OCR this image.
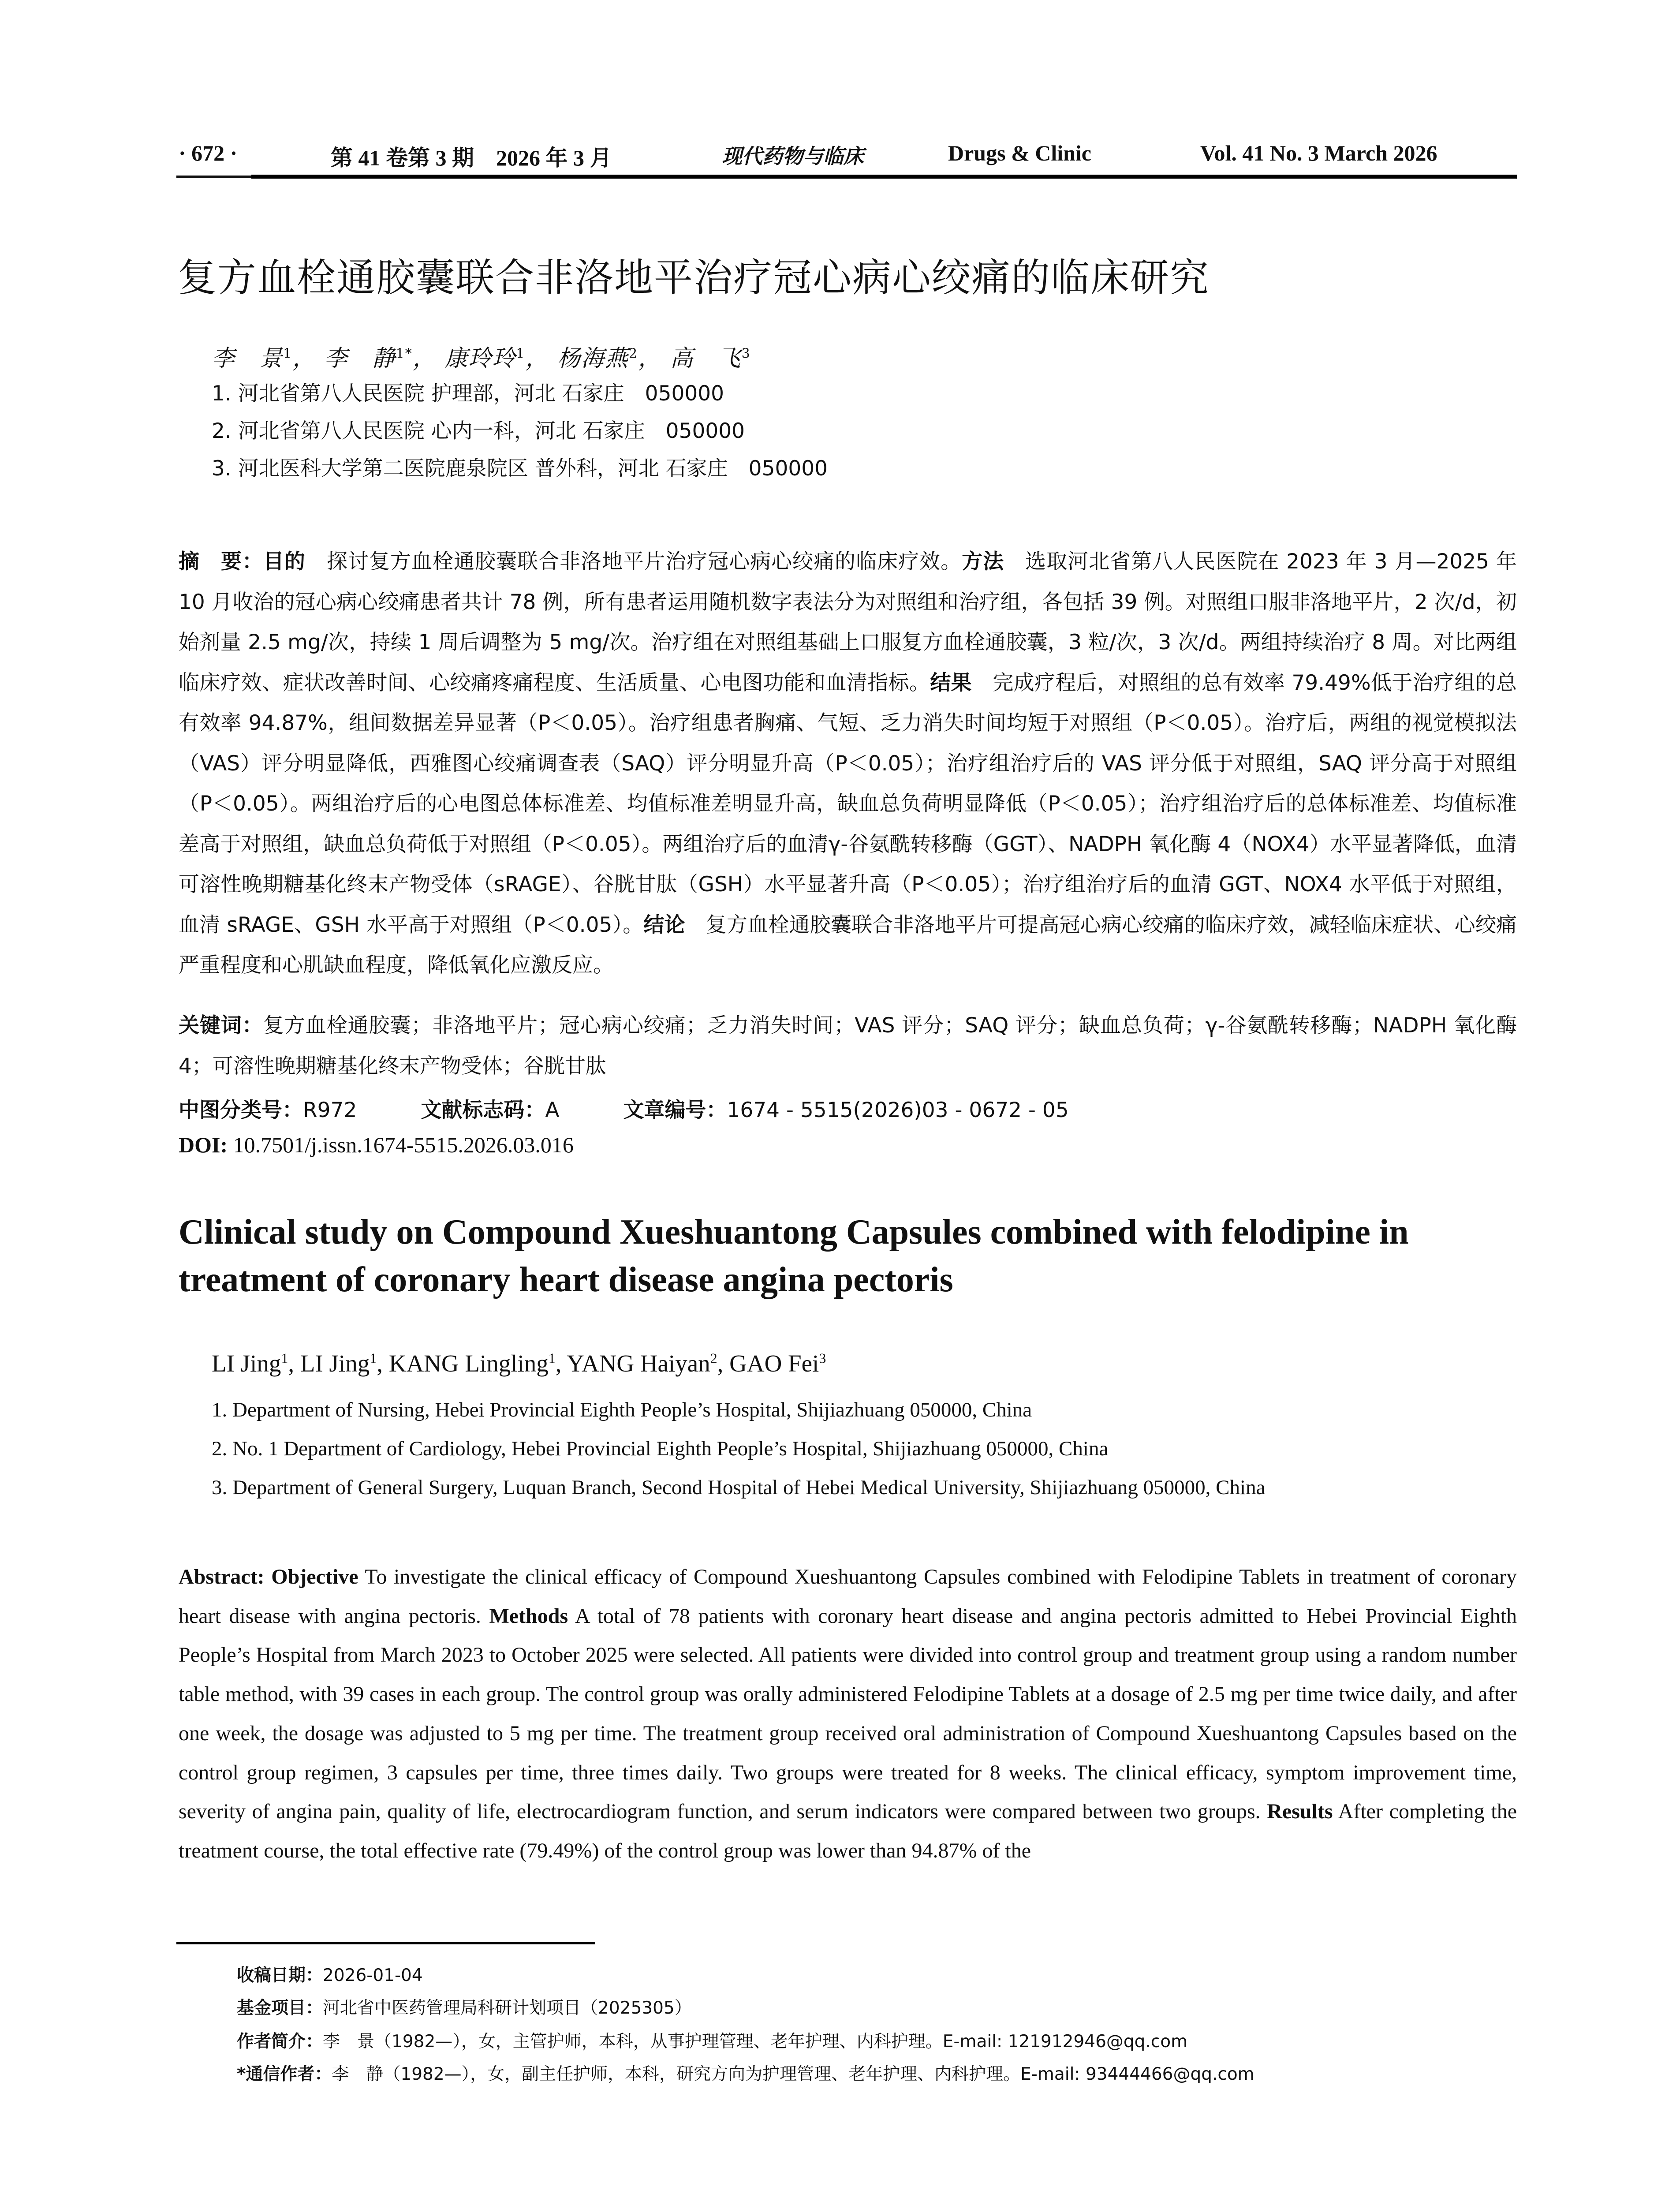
· 672 ·	第 41 卷第 3 期　2026 年 3 月	现代药物与临床	Drugs & Clinic	Vol. 41 No. 3 March 2026
复方血栓通胶囊联合非洛地平治疗冠心病心绞痛的临床研究
李　景$^1$， 李　静$^{1*}$， 康玲玲$^1$， 杨海燕$^2$， 高　飞$^3$
1. 河北省第八人民医院 护理部，河北 石家庄　050000
2. 河北省第八人民医院 心内一科，河北 石家庄　050000
3. 河北医科大学第二医院鹿泉院区 普外科，河北 石家庄　050000
摘　要：目的　探讨复方血栓通胶囊联合非洛地平片治疗冠心病心绞痛的临床疗效。方法　选取河北省第八人民医院在 2023 年 3 月—2025 年 10 月收治的冠心病心绞痛患者共计 78 例，所有患者运用随机数字表法分为对照组和治疗组，各包括 39 例。对照组口服非洛地平片，2 次/d，初始剂量 2.5 mg/次，持续 1 周后调整为 5 mg/次。治疗组在对照组基础上口服复方血栓通胶囊，3 粒/次，3 次/d。两组持续治疗 8 周。对比两组临床疗效、症状改善时间、心绞痛疼痛程度、生活质量、心电图功能和血清指标。结果　完成疗程后，对照组的总有效率 79.49%低于治疗组的总有效率 94.87%，组间数据差异显著（P＜0.05）。治疗组患者胸痛、气短、乏力消失时间均短于对照组（P＜0.05）。治疗后，两组的视觉模拟法（VAS）评分明显降低，西雅图心绞痛调查表（SAQ）评分明显升高（P＜0.05）；治疗组治疗后的 VAS 评分低于对照组，SAQ 评分高于对照组（P＜0.05）。两组治疗后的心电图总体标准差、均值标准差明显升高，缺血总负荷明显降低（P＜0.05）；治疗组治疗后的总体标准差、均值标准差高于对照组，缺血总负荷低于对照组（P＜0.05）。两组治疗后的血清γ-谷氨酰转移酶（GGT）、NADPH 氧化酶 4（NOX4）水平显著降低，血清可溶性晚期糖基化终末产物受体（sRAGE）、谷胱甘肽（GSH）水平显著升高（P＜0.05）；治疗组治疗后的血清 GGT、NOX4 水平低于对照组，血清 sRAGE、GSH 水平高于对照组（P＜0.05）。结论　复方血栓通胶囊联合非洛地平片可提高冠心病心绞痛的临床疗效，减轻临床症状、心绞痛严重程度和心肌缺血程度，降低氧化应激反应。
关键词：复方血栓通胶囊；非洛地平片；冠心病心绞痛；乏力消失时间；VAS 评分；SAQ 评分；缺血总负荷；γ-谷氨酰转移酶；NADPH 氧化酶 4；可溶性晚期糖基化终末产物受体；谷胱甘肽
中图分类号：R972	文献标志码：A	文章编号：1674 - 5515(2026)03 - 0672 - 05
DOI: 10.7501/j.issn.1674-5515.2026.03.016
Clinical study on Compound Xueshuantong Capsules combined with felodipine in treatment of coronary heart disease angina pectoris
LI Jing$^1$, LI Jing$^1$, KANG Lingling$^1$, YANG Haiyan$^2$, GAO Fei$^3$
1. Department of Nursing, Hebei Provincial Eighth People’s Hospital, Shijiazhuang 050000, China
2. No. 1 Department of Cardiology, Hebei Provincial Eighth People’s Hospital, Shijiazhuang 050000, China
3. Department of General Surgery, Luquan Branch, Second Hospital of Hebei Medical University, Shijiazhuang 050000, China
Abstract: Objective To investigate the clinical efficacy of Compound Xueshuantong Capsules combined with Felodipine Tablets in treatment of coronary heart disease with angina pectoris. Methods A total of 78 patients with coronary heart disease and angina pectoris admitted to Hebei Provincial Eighth People’s Hospital from March 2023 to October 2025 were selected. All patients were divided into control group and treatment group using a random number table method, with 39 cases in each group. The control group was orally administered Felodipine Tablets at a dosage of 2.5 mg per time twice daily, and after one week, the dosage was adjusted to 5 mg per time. The treatment group received oral administration of Compound Xueshuantong Capsules based on the control group regimen, 3 capsules per time, three times daily. Two groups were treated for 8 weeks. The clinical efficacy, symptom improvement time, severity of angina pain, quality of life, electrocardiogram function, and serum indicators were compared between two groups. Results After completing the treatment course, the total effective rate (79.49%) of the control group was lower than 94.87% of the
收稿日期：2026-01-04
基金项目：河北省中医药管理局科研计划项目（2025305）
作者简介：李　景（1982—），女，主管护师，本科，从事护理管理、老年护理、内科护理。E-mail: 121912946@qq.com
*通信作者：李　静（1982—），女，副主任护师，本科，研究方向为护理管理、老年护理、内科护理。E-mail: 93444466@qq.com
